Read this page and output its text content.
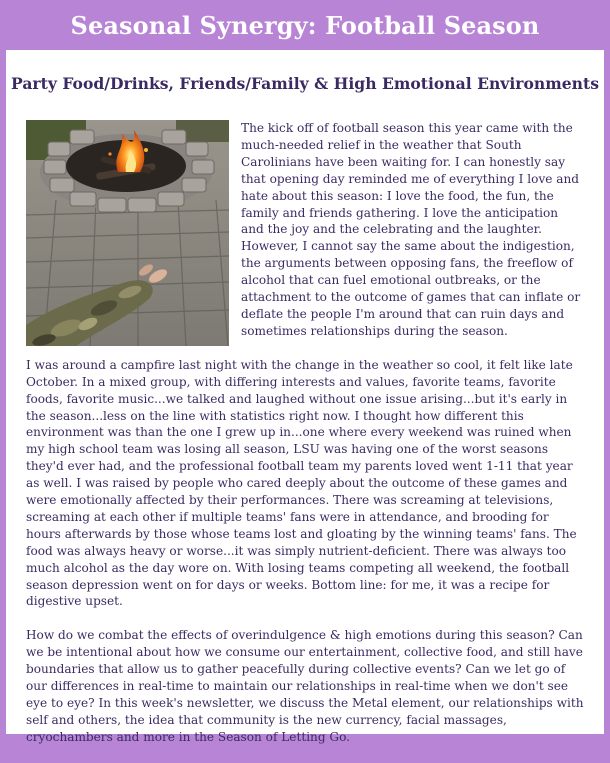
Seasonal Synergy: Football Season
Party Food/Drinks, Friends/Family & High Emotional Environments

The kick off of football season this year came with the much-needed relief in the weather that South Carolinians have been waiting for. I can honestly say that opening day reminded me of everything I love and hate about this season: I love the food, the fun, the family and friends gathering. I love the anticipation and the joy and the celebrating and the laughter. However, I cannot say the same about the indigestion, the arguments between opposing fans, the freeflow of alcohol that can fuel emotional outbreaks, or the attachment to the outcome of games that can inflate or deflate the people I'm around that can ruin days and sometimes relationships during the season.

I was around a campfire last night with the change in the weather so cool, it felt like late October. In a mixed group, with differing interests and values, favorite teams, favorite foods, favorite music...we talked and laughed without one issue arising...but it's early in the season...less on the line with statistics right now. I thought how different this environment was than the one I grew up in...one where every weekend was ruined when my high school team was losing all season, LSU was having one of the worst seasons they'd ever had, and the professional football team my parents loved went 1-11 that year as well. I was raised by people who cared deeply about the outcome of these games and were emotionally affected by their performances. There was screaming at televisions, screaming at each other if multiple teams' fans were in attendance, and brooding for hours afterwards by those whose teams lost and gloating by the winning teams' fans. The food was always heavy or worse...it was simply nutrient-deficient. There was always too much alcohol as the day wore on. With losing teams competing all weekend, the football season depression went on for days or weeks. Bottom line: for me, it was a recipe for digestive upset.

How do we combat the effects of overindulgence & high emotions during this season? Can we be intentional about how we consume our entertainment, collective food, and still have boundaries that allow us to gather peacefully during collective events? Can we let go of our differences in real-time to maintain our relationships in real-time when we don't see eye to eye? In this week's newsletter, we discuss the Metal element, our relationships with self and others, the idea that community is the new currency, facial massages, cryochambers and more in the Season of Letting Go.
